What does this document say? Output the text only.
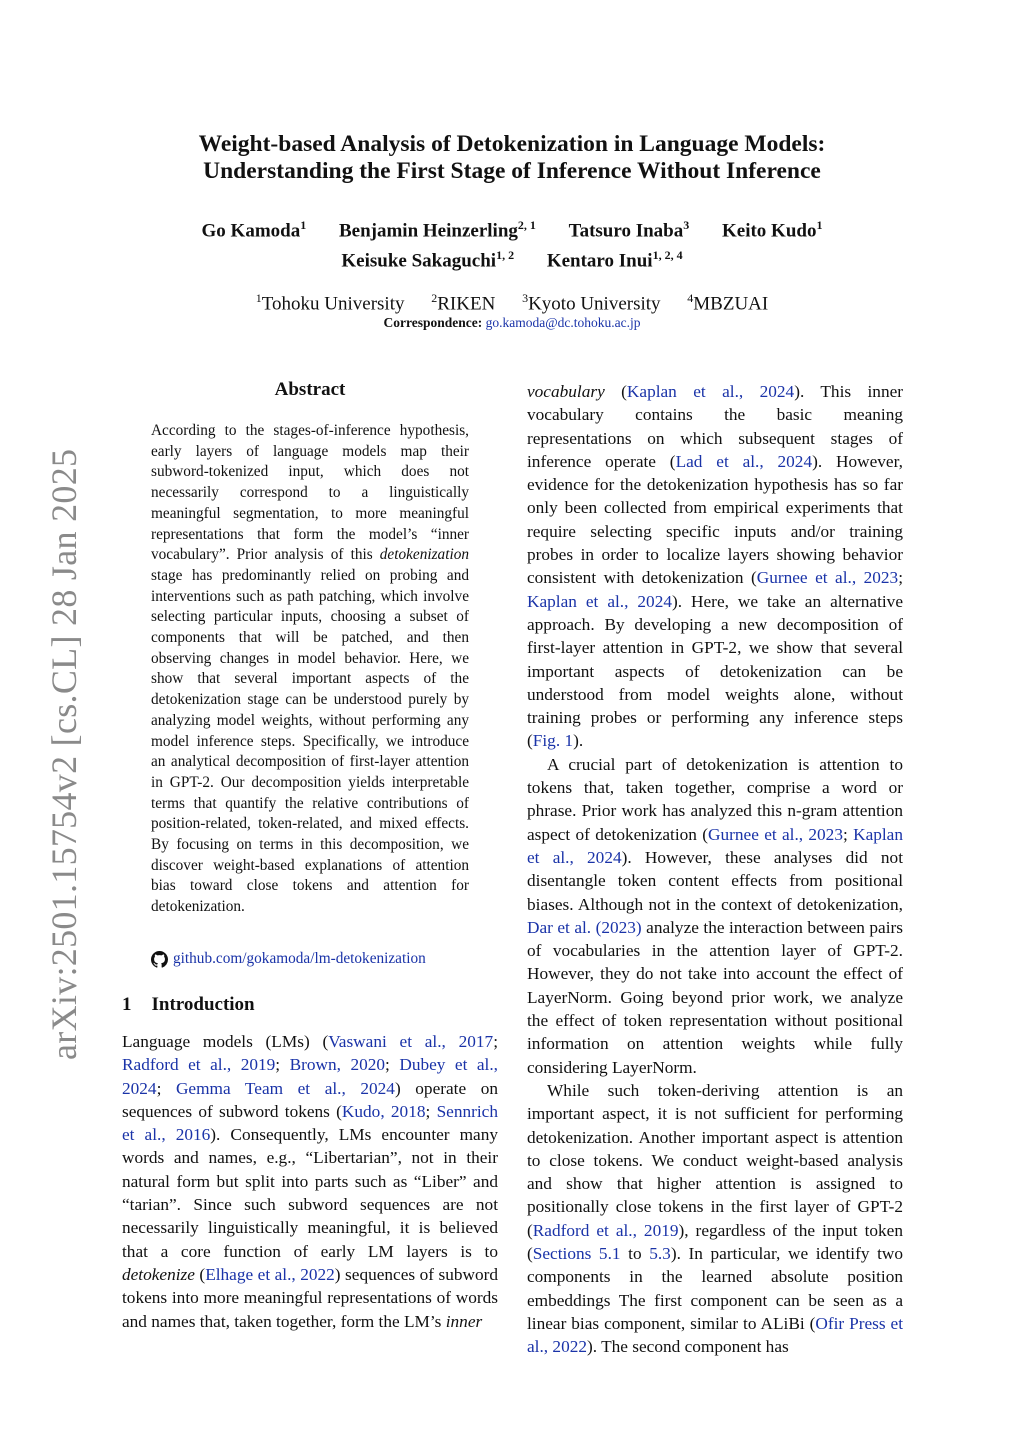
arXiv:2501.15754v2 [cs.CL] 28 Jan 2025
Weight-based Analysis of Detokenization in Language Models:
Understanding the First Stage of Inference Without Inference
Go Kamoda$^1$ Benjamin Heinzerling$^{2, 1}$ Tatsuro Inaba$^3$ Keito Kudo$^1$
Keisuke Sakaguchi$^{1, 2}$ Kentaro Inui$^{1, 2, 4}$
$^1$Tohoku University $^2$RIKEN $^3$Kyoto University $^4$MBZUAI
Correspondence: go.kamoda@dc.tohoku.ac.jp
Abstract

According to the stages-of-inference hypothesis, early layers of language models map their subword-tokenized input, which does not necessarily correspond to a linguistically meaningful segmentation, to more meaningful representations that form the model’s “inner vocabulary”. Prior analysis of this detokenization stage has predominantly relied on probing and interventions such as path patching, which involve selecting particular inputs, choosing a subset of components that will be patched, and then observing changes in model behavior. Here, we show that several important aspects of the detokenization stage can be understood purely by analyzing model weights, without performing any model inference steps. Specifically, we introduce an analytical decomposition of first-layer attention in GPT-2. Our decomposition yields interpretable terms that quantify the relative contributions of position-related, token-related, and mixed effects. By focusing on terms in this decomposition, we discover weight-based explanations of attention bias toward close tokens and attention for detokenization.

github.com/gokamoda/lm-detokenization
1 Introduction

Language models (LMs) (Vaswani et al., 2017; Radford et al., 2019; Brown, 2020; Dubey et al., 2024; Gemma Team et al., 2024) operate on sequences of subword tokens (Kudo, 2018; Sennrich et al., 2016). Consequently, LMs encounter many words and names, e.g., “Libertarian”, not in their natural form but split into parts such as “Liber” and “tarian”. Since such subword sequences are not necessarily linguistically meaningful, it is believed that a core function of early LM layers is to detokenize (Elhage et al., 2022) sequences of subword tokens into more meaningful representations of words and names that, taken together, form the LM’s inner

vocabulary (Kaplan et al., 2024). This inner vocabulary contains the basic meaning representations on which subsequent stages of inference operate (Lad et al., 2024). However, evidence for the detokenization hypothesis has so far only been collected from empirical experiments that require selecting specific inputs and/or training probes in order to localize layers showing behavior consistent with detokenization (Gurnee et al., 2023; Kaplan et al., 2024). Here, we take an alternative approach. By developing a new decomposition of first-layer attention in GPT-2, we show that several important aspects of detokenization can be understood from model weights alone, without training probes or performing any inference steps (Fig. 1).

A crucial part of detokenization is attention to tokens that, taken together, comprise a word or phrase. Prior work has analyzed this n-gram attention aspect of detokenization (Gurnee et al., 2023; Kaplan et al., 2024). However, these analyses did not disentangle token content effects from positional biases. Although not in the context of detokenization, Dar et al. (2023) analyze the interaction between pairs of vocabularies in the attention layer of GPT-2. However, they do not take into account the effect of LayerNorm. Going beyond prior work, we analyze the effect of token representation without positional information on attention weights while fully considering LayerNorm.

While such token-deriving attention is an important aspect, it is not sufficient for performing detokenization. Another important aspect is attention to close tokens. We conduct weight-based analysis and show that higher attention is assigned to positionally close tokens in the first layer of GPT-2 (Radford et al., 2019), regardless of the input token (Sections 5.1 to 5.3). In particular, we identify two components in the learned absolute position embeddings The first component can be seen as a linear bias component, similar to ALiBi (Ofir Press et al., 2022). The second component has
